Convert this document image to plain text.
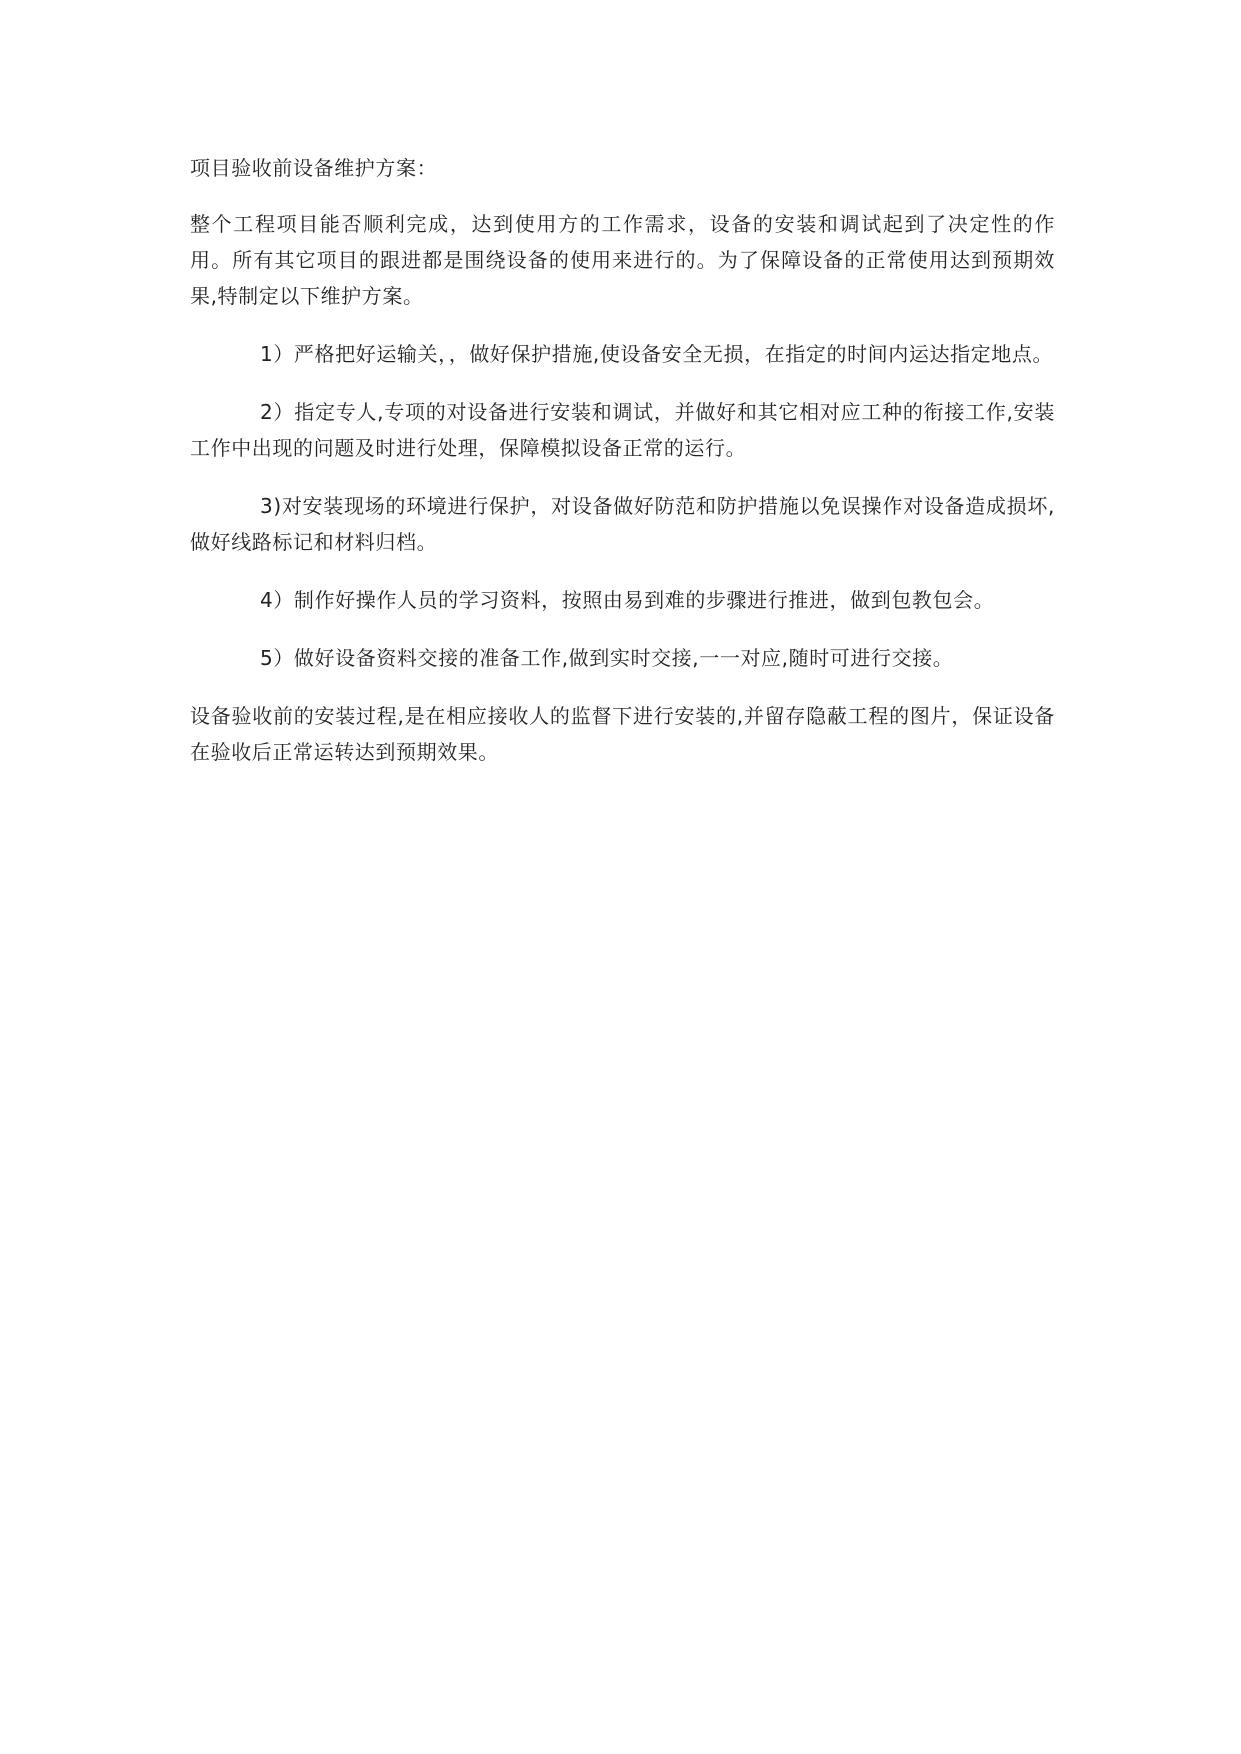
项目验收前设备维护方案：

整个工程项目能否顺利完成，达到使用方的工作需求，设备的安装和调试起到了决定性的作用。所有其它项目的跟进都是围绕设备的使用来进行的。为了保障设备的正常使用达到预期效果,特制定以下维护方案。

1）严格把好运输关，，做好保护措施,使设备安全无损，在指定的时间内运达指定地点。

2）指定专人,专项的对设备进行安装和调试，并做好和其它相对应工种的衔接工作,安装工作中出现的问题及时进行处理，保障模拟设备正常的运行。

3)对安装现场的环境进行保护，对设备做好防范和防护措施以免误操作对设备造成损坏,做好线路标记和材料归档。

4）制作好操作人员的学习资料，按照由易到难的步骤进行推进，做到包教包会。

5）做好设备资料交接的准备工作,做到实时交接,一一对应,随时可进行交接。

设备验收前的安装过程,是在相应接收人的监督下进行安装的,并留存隐蔽工程的图片，保证设备在验收后正常运转达到预期效果。
